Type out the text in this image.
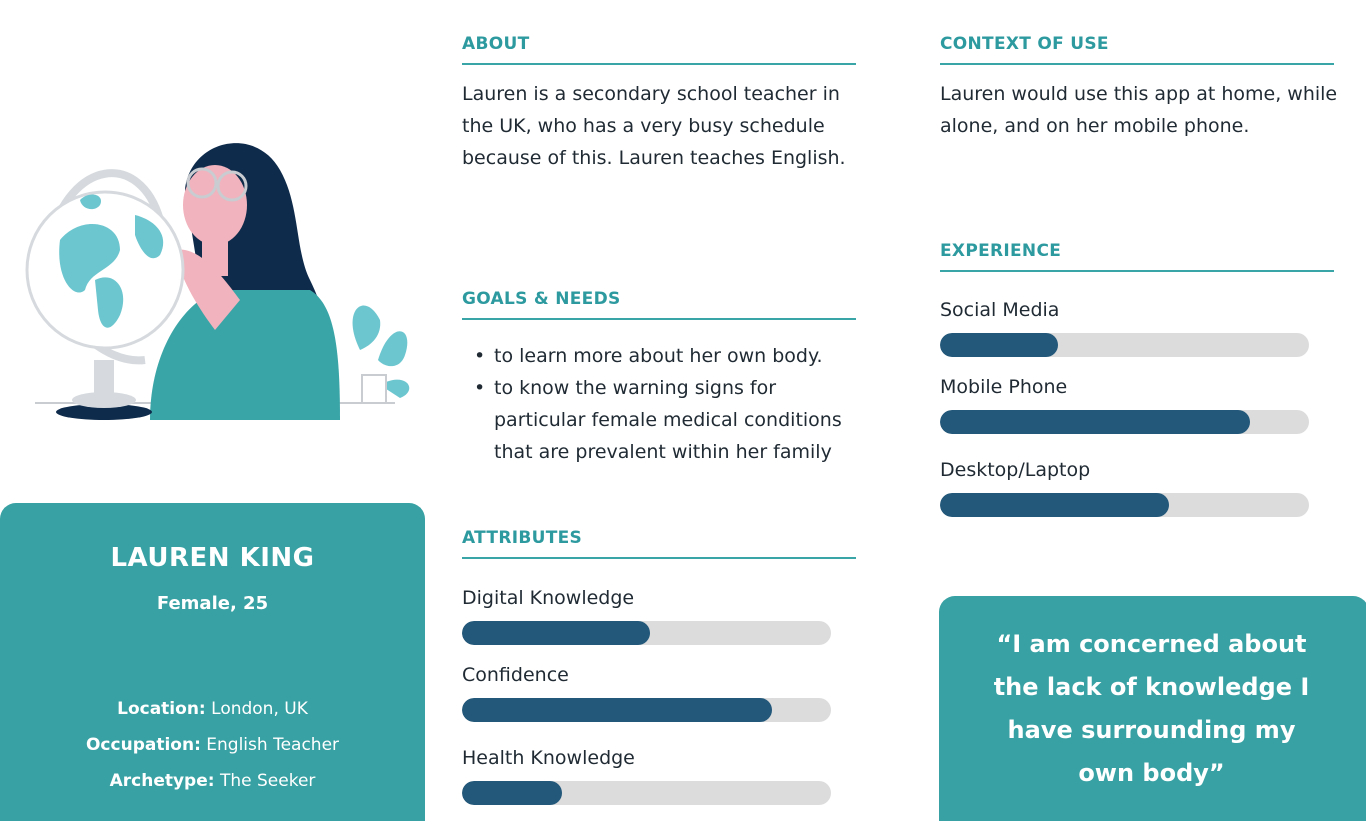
LAUREN KING
Female, 25
Location: London, UK
Occupation: English Teacher
Archetype: The Seeker
ABOUT
Lauren is a secondary school teacher in the UK, who has a very busy schedule because of this. Lauren teaches English.
GOALS & NEEDS
• to learn more about her own body.
• to know the warning signs for particular female medical conditions that are prevalent within her family
ATTRIBUTES
Digital Knowledge
Confidence
Health Knowledge
CONTEXT OF USE
Lauren would use this app at home, while alone, and on her mobile phone.
EXPERIENCE
Social Media
Mobile Phone
Desktop/Laptop
“I am concerned about the lack of knowledge I have surrounding my own body”
